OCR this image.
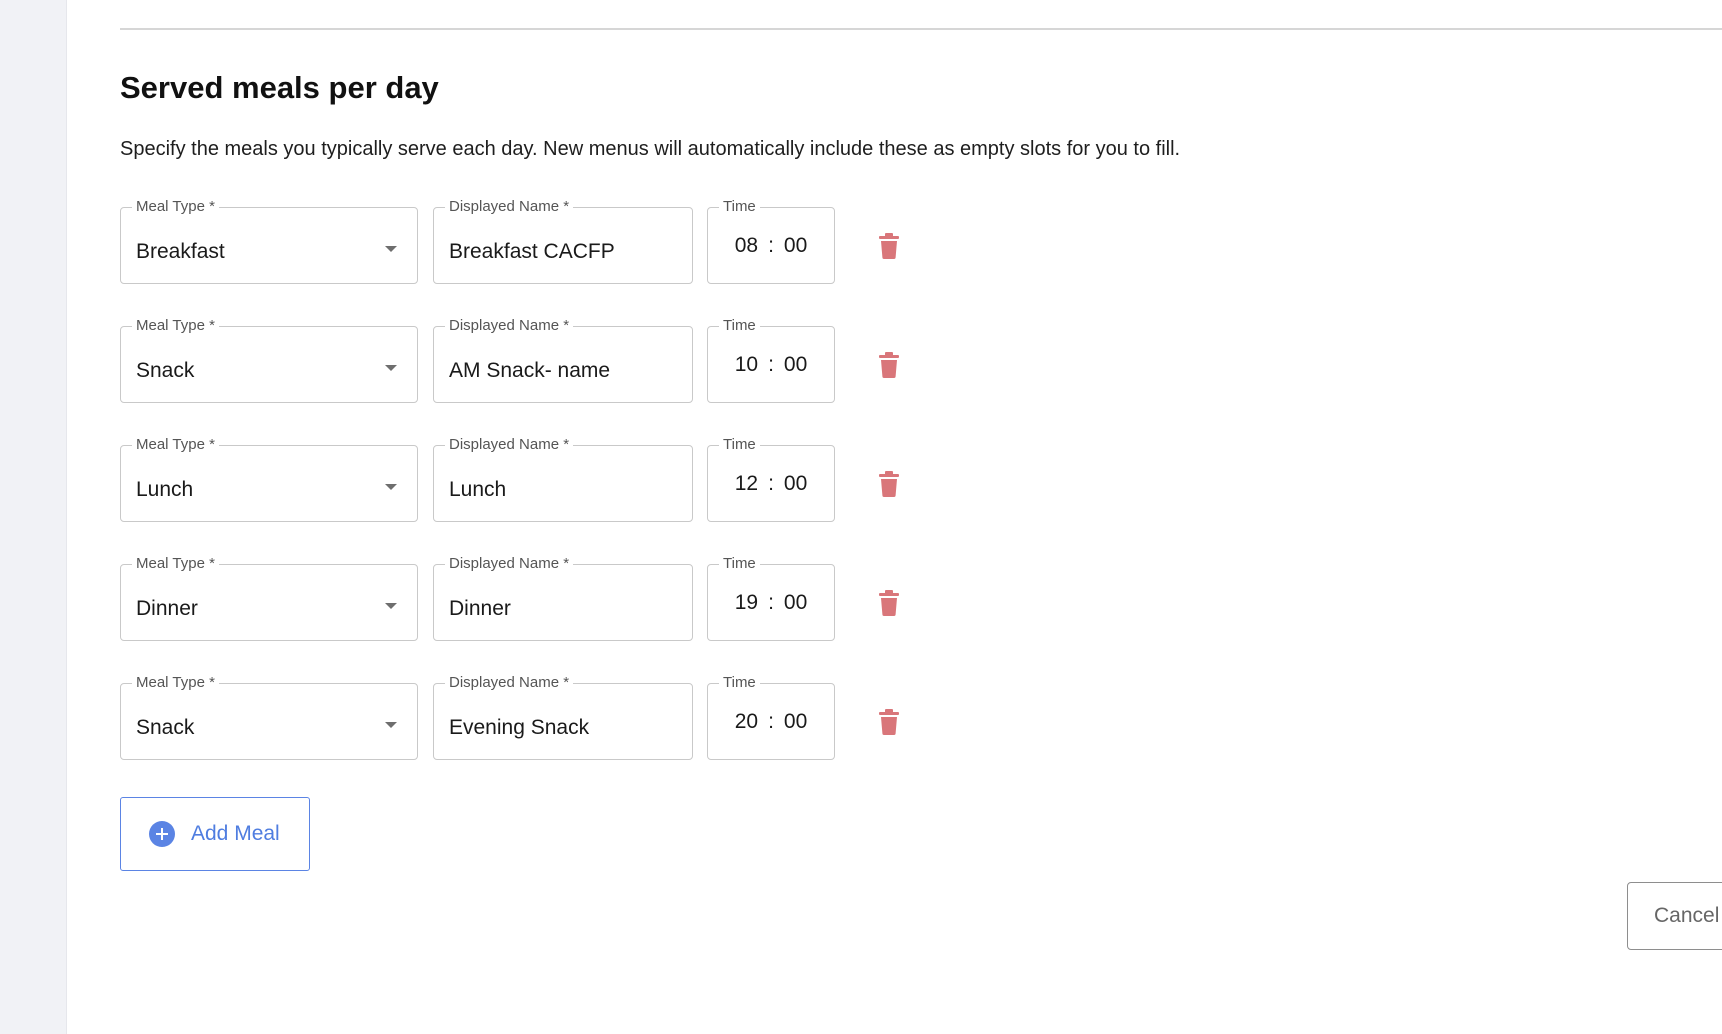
Served meals per day

Specify the meals you typically serve each day. New menus will automatically include these as empty slots for you to fill.

Meal Type *
Breakfast
Displayed Name *
Breakfast CACFP
Time
08 : 00
Meal Type *
Snack
Displayed Name *
AM Snack- name
Time
10 : 00
Meal Type *
Lunch
Displayed Name *
Lunch
Time
12 : 00
Meal Type *
Dinner
Displayed Name *
Dinner
Time
19 : 00
Meal Type *
Snack
Displayed Name *
Evening Snack
Time
20 : 00
Add Meal
Cancel
